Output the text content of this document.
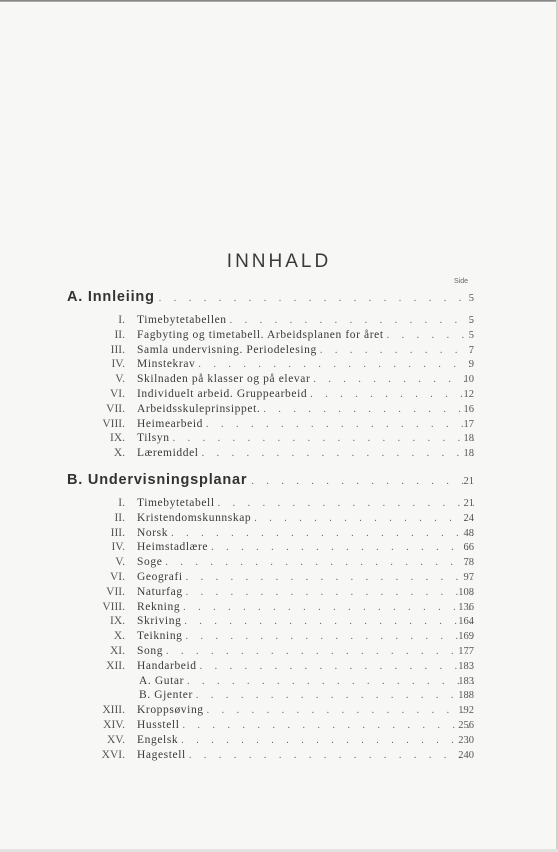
INNHALD
Side
A. Innleiing . . .	5
I. Timebytetabellen . . .	5
II. Fagbyting og timetabell. Arbeidsplanen for året . . .	5
III. Samla undervisning. Periodelesing . . .	7
IV. Minstekrav . . .	9
V. Skilnaden på klasser og på elevar . . .	10
VI. Individuelt arbeid. Gruppearbeid . . .	12
VII. Arbeidsskuleprinsippet. . . .	16
VIII. Heimearbeid . . .	17
IX. Tilsyn . . .	18
X. Læremiddel . . .	18
B. Undervisningsplanar . . .	21
I. Timebytetabell . . .	21
II. Kristendomskunnskap . . .	24
III. Norsk . . .	48
IV. Heimstadlære . . .	66
V. Soge . . .	78
VI. Geografi . . .	97
VII. Naturfag . . .	108
VIII. Rekning . . .	136
IX. Skriving . . .	164
X. Teikning . . .	169
XI. Song . . .	177
XII. Handarbeid . . .	183
A. Gutar . . .	183
B. Gjenter . . .	188
XIII. Kroppsøving . . .	192
XIV. Husstell . . .	256
XV. Engelsk . . .	230
XVI. Hagestell . . .	240
